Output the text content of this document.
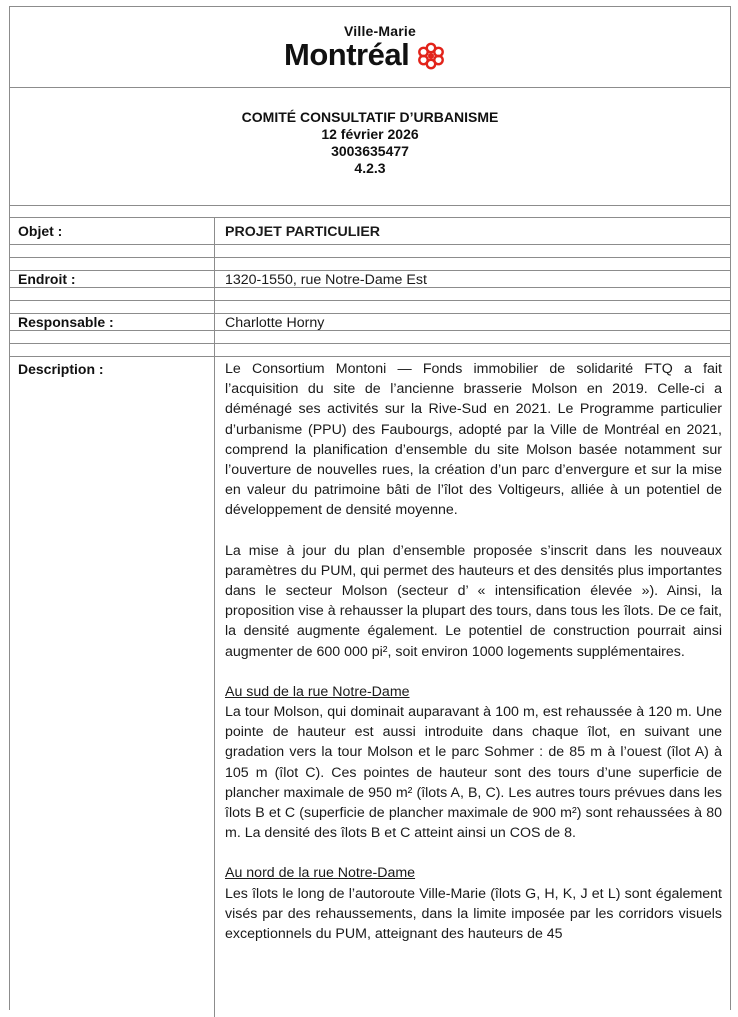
Ville-Marie
Montréal
COMITÉ CONSULTATIF D’URBANISME
12 février 2026
3003635477
4.2.3
Objet :	PROJET PARTICULIER
Endroit :	1320-1550, rue Notre-Dame Est
Responsable :	Charlotte Horny
Description :	Le Consortium Montoni — Fonds immobilier de solidarité FTQ a fait l’acquisition du site de l’ancienne brasserie Molson en 2019. Celle-ci a déménagé ses activités sur la Rive-Sud en 2021. Le Programme particulier d’urbanisme (PPU) des Faubourgs, adopté par la Ville de Montréal en 2021, comprend la planification d’ensemble du site Molson basée notamment sur l’ouverture de nouvelles rues, la création d’un parc d’envergure et sur la mise en valeur du patrimoine bâti de l’îlot des Voltigeurs, alliée à un potentiel de développement de densité moyenne.

La mise à jour du plan d’ensemble proposée s’inscrit dans les nouveaux paramètres du PUM, qui permet des hauteurs et des densités plus importantes dans le secteur Molson (secteur d’ « intensification élevée »). Ainsi, la proposition vise à rehausser la plupart des tours, dans tous les îlots. De ce fait, la densité augmente également. Le potentiel de construction pourrait ainsi augmenter de 600 000 pi², soit environ 1000 logements supplémentaires.

Au sud de la rue Notre-Dame
La tour Molson, qui dominait auparavant à 100 m, est rehaussée à 120 m. Une pointe de hauteur est aussi introduite dans chaque îlot, en suivant une gradation vers la tour Molson et le parc Sohmer : de 85 m à l’ouest (îlot A) à 105 m (îlot C). Ces pointes de hauteur sont des tours d’une superficie de plancher maximale de 950 m² (îlots A, B, C). Les autres tours prévues dans les îlots B et C (superficie de plancher maximale de 900 m²) sont rehaussées à 80 m. La densité des îlots B et C atteint ainsi un COS de 8.

Au nord de la rue Notre-Dame
Les îlots le long de l’autoroute Ville-Marie (îlots G, H, K, J et L) sont également visés par des rehaussements, dans la limite imposée par les corridors visuels exceptionnels du PUM, atteignant des hauteurs de 45
